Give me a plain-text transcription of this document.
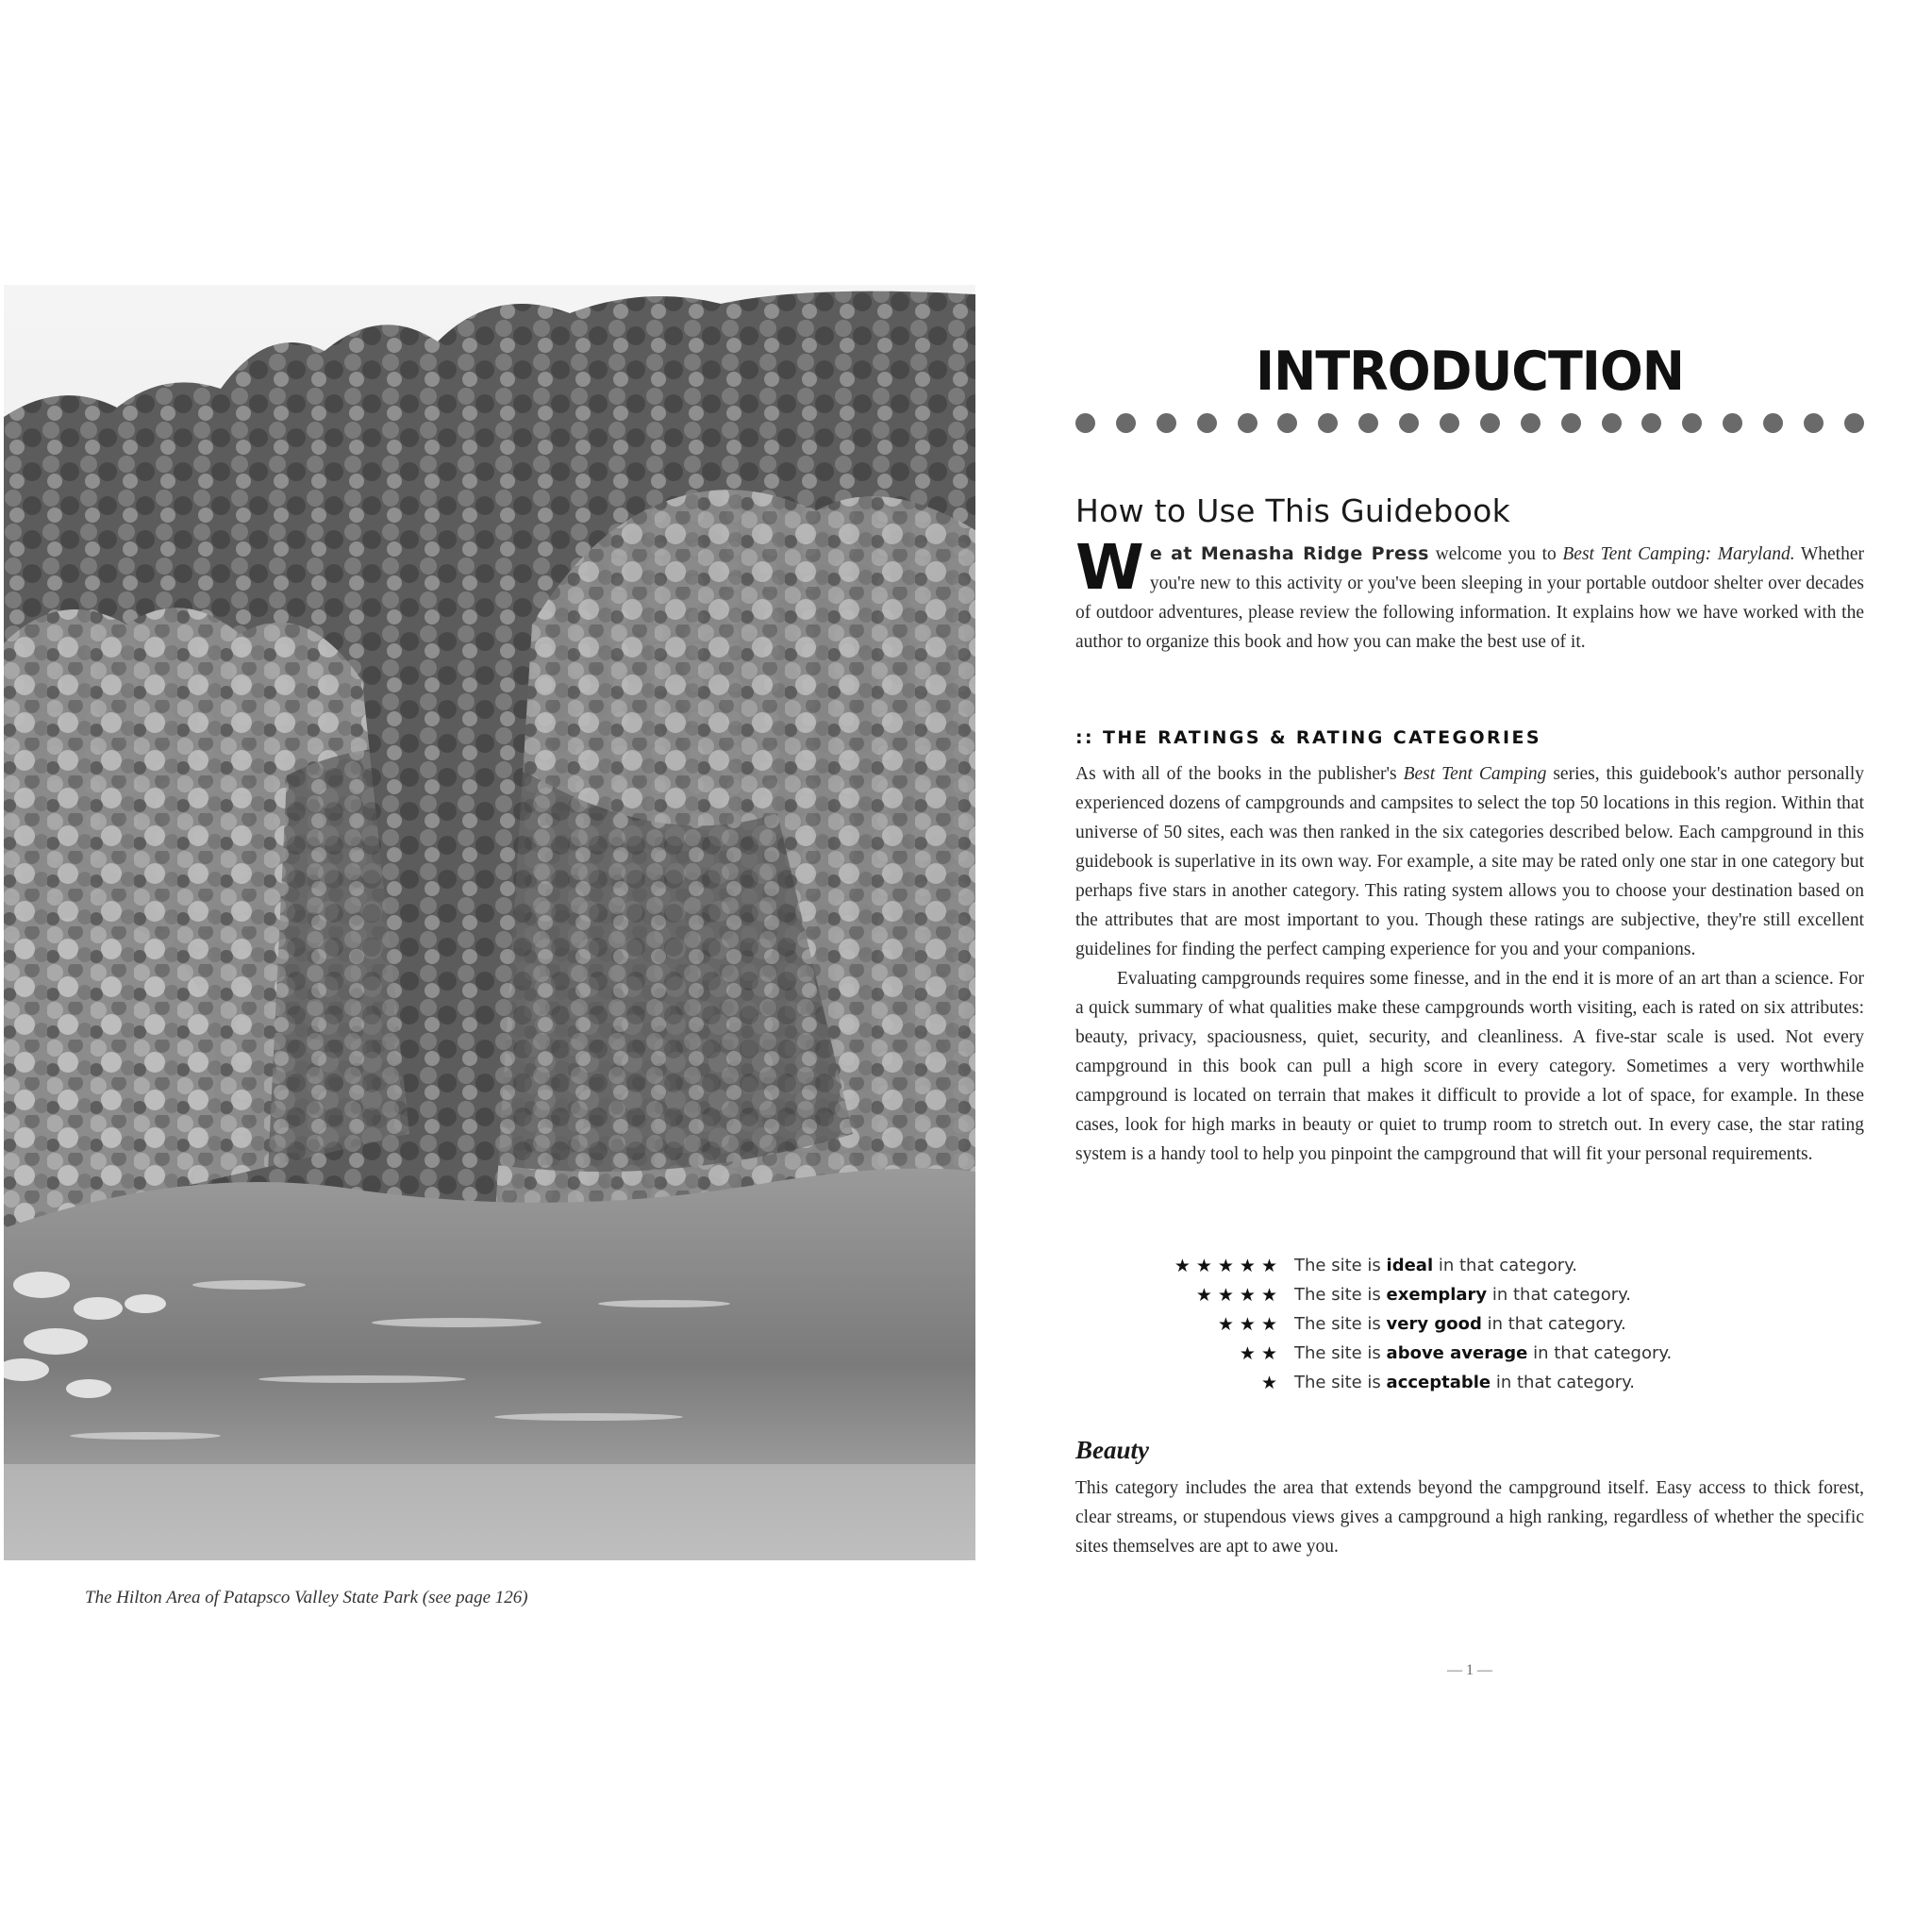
The Hilton Area of Patapsco Valley State Park (see page 126)
INTRODUCTION
How to Use This Guidebook
We at Menasha Ridge Press welcome you to Best Tent Camping: Maryland. Whether you're new to this activity or you've been sleeping in your portable outdoor shelter over decades of outdoor adventures, please review the following information. It explains how we have worked with the author to organize this book and how you can make the best use of it.
:: THE RATINGS & RATING CATEGORIES

As with all of the books in the publisher's Best Tent Camping series, this guidebook's author personally experienced dozens of campgrounds and campsites to select the top 50 locations in this region. Within that universe of 50 sites, each was then ranked in the six categories described below. Each campground in this guidebook is superlative in its own way. For example, a site may be rated only one star in one category but perhaps five stars in another category. This rating system allows you to choose your destination based on the attributes that are most important to you. Though these ratings are subjective, they're still excellent guidelines for finding the perfect camping experience for you and your companions.

Evaluating campgrounds requires some finesse, and in the end it is more of an art than a science. For a quick summary of what qualities make these campgrounds worth visiting, each is rated on six attributes: beauty, privacy, spaciousness, quiet, security, and cleanliness. A five-star scale is used. Not every campground in this book can pull a high score in every category. Sometimes a very worthwhile campground is located on terrain that makes it difficult to provide a lot of space, for example. In these cases, look for high marks in beauty or quiet to trump room to stretch out. In every case, the star rating system is a handy tool to help you pinpoint the campground that will fit your personal requirements.

★★★★★ The site is ideal in that category.
★★★★ The site is exemplary in that category.
★★★ The site is very good in that category.
★★ The site is above average in that category.
★ The site is acceptable in that category.
Beauty
This category includes the area that extends beyond the campground itself. Easy access to thick forest, clear streams, or stupendous views gives a campground a high ranking, regardless of whether the specific sites themselves are apt to awe you.
— 1 —
